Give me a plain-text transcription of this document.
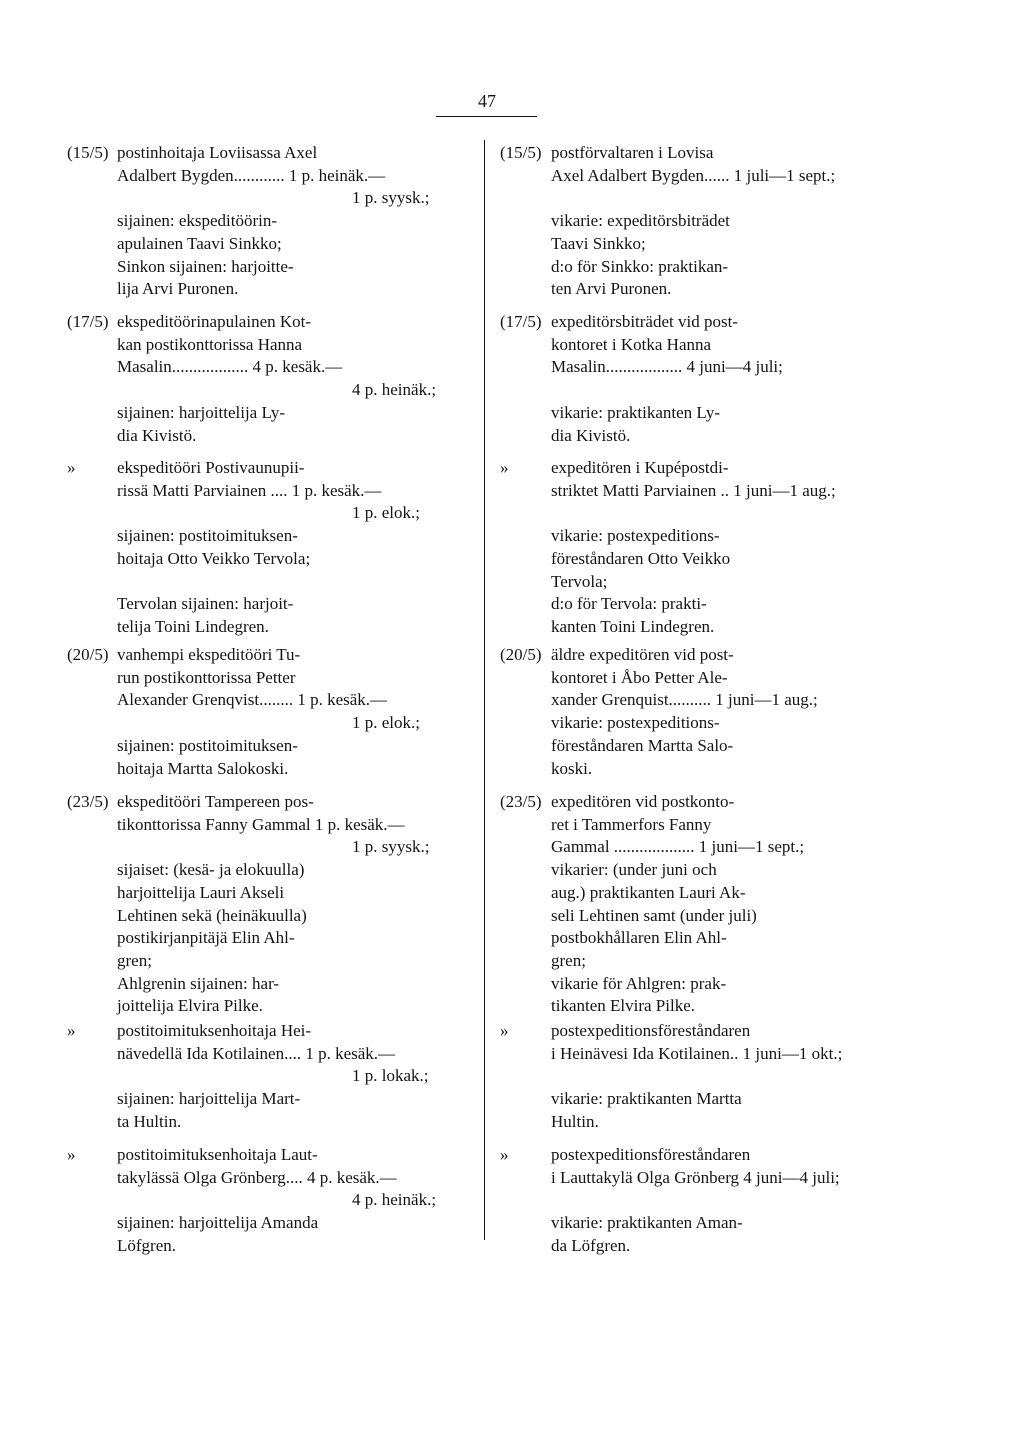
47
(15/5) postinhoitaja Loviisassa Axel
Adalbert Bygden............ 1 p. heinäk.—
1 p. syysk.;
sijainen: ekspeditöörin-
apulainen Taavi Sinkko;
Sinkon sijainen: harjoitte-
lija Arvi Puronen.
(15/5) postförvaltaren i Lovisa
Axel Adalbert Bygden...... 1 juli—1 sept.;
vikarie: expeditörsbiträdet
Taavi Sinkko;
d:o för Sinkko: praktikan-
ten Arvi Puronen.
(17/5) ekspeditöörinapulainen Kot-
kan postikonttorissa Hanna
Masalin.................. 4 p. kesäk.—
4 p. heinäk.;
sijainen: harjoittelija Ly-
dia Kivistö.
(17/5) expeditörsbiträdet vid post-
kontoret i Kotka Hanna
Masalin.................. 4 juni—4 juli;
vikarie: praktikanten Ly-
dia Kivistö.
» ekspeditööri Postivaunupii-
rissä Matti Parviainen .... 1 p. kesäk.—
1 p. elok.;
sijainen: postitoimituksen-
hoitaja Otto Veikko Tervola;
Tervolan sijainen: harjoit-
telija Toini Lindegren.
»	expeditören i Kupépostdi-
striktet Matti Parviainen .. 1 juni—1 aug.;
vikarie: postexpeditions-
föreståndaren Otto Veikko
Tervola;
d:o för Tervola: prakti-
kanten Toini Lindegren.
(20/5) vanhempi ekspeditööri Tu-
run postikonttorissa Petter
Alexander Grenqvist........ 1 p. kesäk.—
1 p. elok.;
sijainen: postitoimituksen-
hoitaja Martta Salokoski.
(20/5) äldre expeditören vid post-
kontoret i Åbo Petter Ale-
xander Grenquist.......... 1 juni—1 aug.;
vikarie: postexpeditions-
föreståndaren Martta Salo-
koski.
(23/5) ekspeditööri Tampereen pos-
tikonttorissa Fanny Gammal 1 p. kesäk.—
1 p. syysk.;
sijaiset: (kesä- ja elokuulla)
harjoittelija Lauri Akseli
Lehtinen sekä (heinäkuulla)
postikirjanpitäjä Elin Ahl-
gren;
Ahlgrenin sijainen: har-
joittelija Elvira Pilke.
(23/5) expeditören vid postkonto-
ret i Tammerfors Fanny
Gammal ................... 1 juni—1 sept.;
vikarier: (under juni och
aug.) praktikanten Lauri Ak-
seli Lehtinen samt (under juli)
postbokhållaren Elin Ahl-
gren;
vikarie för Ahlgren: prak-
tikanten Elvira Pilke.
» postitoimituksenhoitaja Hei-
nävedellä Ida Kotilainen.... 1 p. kesäk.—
1 p. lokak.;
sijainen: harjoittelija Mart-
ta Hultin.
»	postexpeditionsföreståndaren
i Heinävesi Ida Kotilainen.. 1 juni—1 okt.;
vikarie: praktikanten Martta
Hultin.
» postitoimituksenhoitaja Laut-
takylässä Olga Grönberg.... 4 p. kesäk.—
4 p. heinäk.;
sijainen: harjoittelija Amanda
Löfgren.
»	postexpeditionsföreståndaren
i Lauttakylä Olga Grönberg 4 juni—4 juli;
vikarie: praktikanten Aman-
da Löfgren.
